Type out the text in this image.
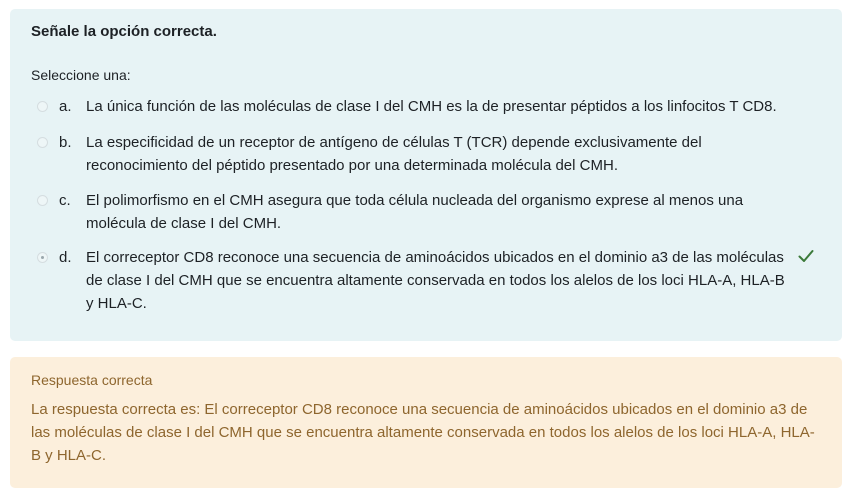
Señale la opción correcta.
Seleccione una:
a. La única función de las moléculas de clase I del CMH es la de presentar péptidos a los linfocitos T CD8.
b. La especificidad de un receptor de antígeno de células T (TCR) depende exclusivamente del reconocimiento del péptido presentado por una determinada molécula del CMH.
c.	El polimorfismo en el CMH asegura que toda célula nucleada del organismo exprese al menos una molécula de clase I del CMH.
d. El correceptor CD8 reconoce una secuencia de aminoácidos ubicados en el dominio a3 de las moléculas de clase I del CMH que se encuentra altamente conservada en todos los alelos de los loci HLA-A, HLA-B y HLA-C.
Respuesta correcta
La respuesta correcta es: El correceptor CD8 reconoce una secuencia de aminoácidos ubicados en el dominio a3 de las moléculas de clase I del CMH que se encuentra altamente conservada en todos los alelos de los loci HLA-A, HLA-B y HLA-C.
